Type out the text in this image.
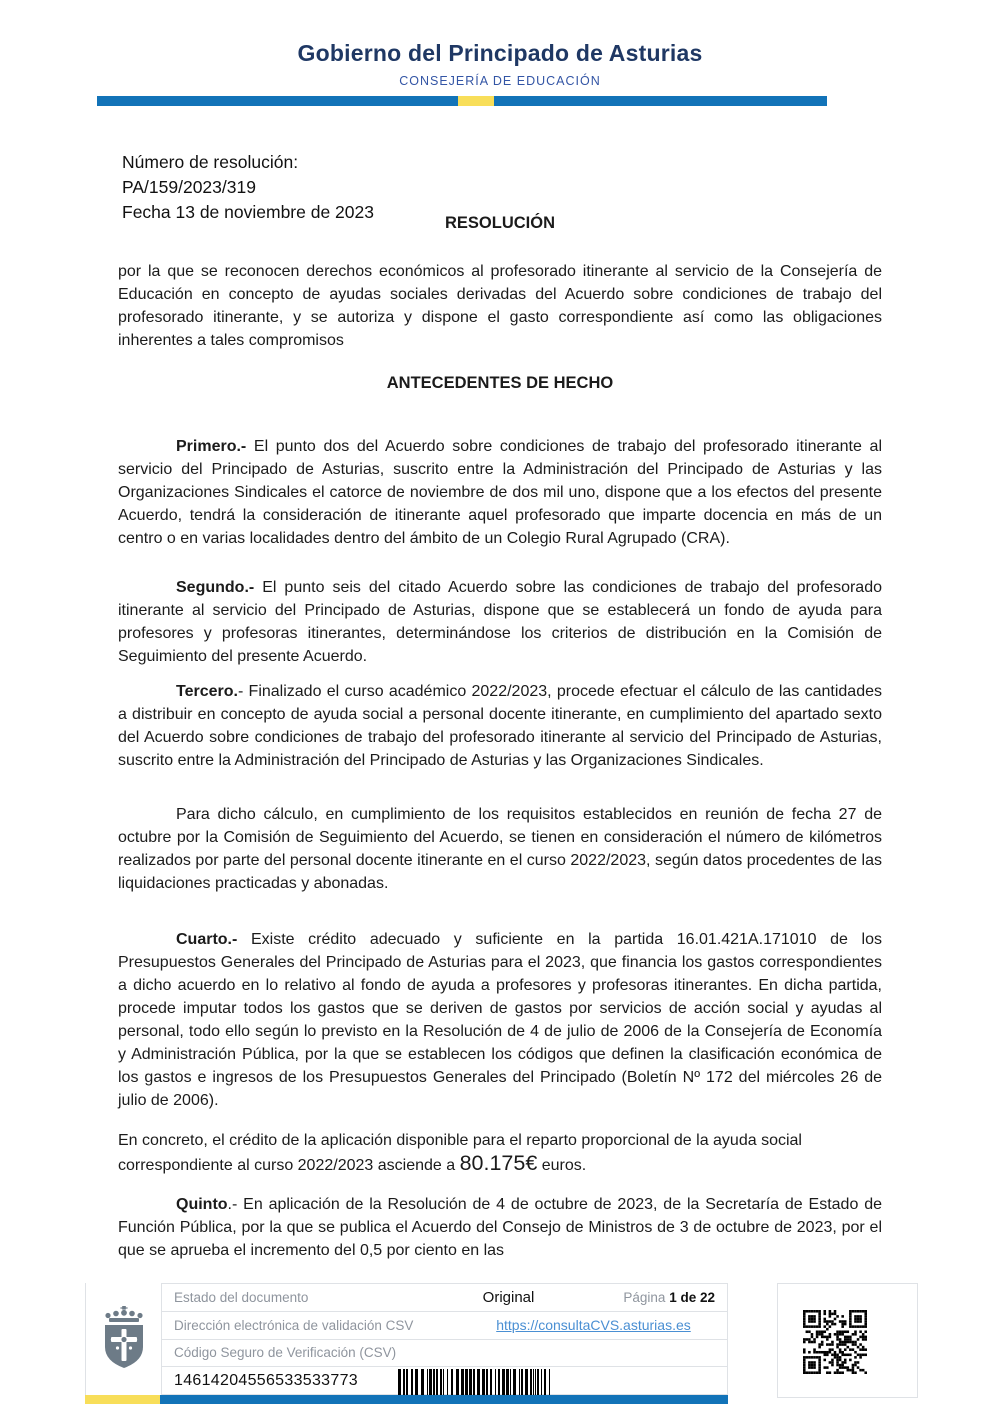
Gobierno del Principado de Asturias
CONSEJERÍA DE EDUCACIÓN
Número de resolución:
PA/159/2023/319
Fecha 13 de noviembre de 2023
RESOLUCIÓN
ANTECEDENTES DE HECHO

por la que se reconocen derechos económicos al profesorado itinerante al servicio de la Consejería de Educación en concepto de ayudas sociales derivadas del Acuerdo sobre condiciones de trabajo del profesorado itinerante, y se autoriza y dispone el gasto correspondiente así como las obligaciones inherentes a tales compromisos

Primero.- El punto dos del Acuerdo sobre condiciones de trabajo del profesorado itinerante al servicio del Principado de Asturias, suscrito entre la Administración del Principado de Asturias y las Organizaciones Sindicales el catorce de noviembre de dos mil uno, dispone que a los efectos del presente Acuerdo, tendrá la consideración de itinerante aquel profesorado que imparte docencia en más de un centro o en varias localidades dentro del ámbito de un Colegio Rural Agrupado (CRA).

Segundo.- El punto seis del citado Acuerdo sobre las condiciones de trabajo del profesorado itinerante al servicio del Principado de Asturias, dispone que se establecerá un fondo de ayuda para profesores y profesoras itinerantes, determinándose los criterios de distribución en la Comisión de Seguimiento del presente Acuerdo.

Tercero.- Finalizado el curso académico 2022/2023, procede efectuar el cálculo de las cantidades a distribuir en concepto de ayuda social a personal docente itinerante, en cumplimiento del apartado sexto del Acuerdo sobre condiciones de trabajo del profesorado itinerante al servicio del Principado de Asturias, suscrito entre la Administración del Principado de Asturias y las Organizaciones Sindicales.

Para dicho cálculo, en cumplimiento de los requisitos establecidos en reunión de fecha 27 de octubre por la Comisión de Seguimiento del Acuerdo, se tienen en consideración el número de kilómetros realizados por parte del personal docente itinerante en el curso 2022/2023, según datos procedentes de las liquidaciones practicadas y abonadas.

Cuarto.- Existe crédito adecuado y suficiente en la partida 16.01.421A.171010 de los Presupuestos Generales del Principado de Asturias para el 2023, que financia los gastos correspondientes a dicho acuerdo en lo relativo al fondo de ayuda a profesores y profesoras itinerantes. En dicha partida, procede imputar todos los gastos que se deriven de gastos por servicios de acción social y ayudas al personal, todo ello según lo previsto en la Resolución de 4 de julio de 2006 de la Consejería de Economía y Administración Pública, por la que se establecen los códigos que definen la clasificación económica de los gastos e ingresos de los Presupuestos Generales del Principado (Boletín Nº 172 del miércoles 26 de julio de 2006).

En concreto, el crédito de la aplicación disponible para el reparto proporcional de la ayuda social correspondiente al curso 2022/2023 asciende a 80.175€ euros.

Quinto.- En aplicación de la Resolución de 4 de octubre de 2023, de la Secretaría de Estado de Función Pública, por la que se publica el Acuerdo del Consejo de Ministros de 3 de octubre de 2023, por el que se aprueba el incremento del 0,5 por ciento en las

Estado del documento	Original	Página 1 de 22
Dirección electrónica de validación CSV	https://consultaCVS.asturias.es
Código Seguro de Verificación (CSV)
14614204556533533773
